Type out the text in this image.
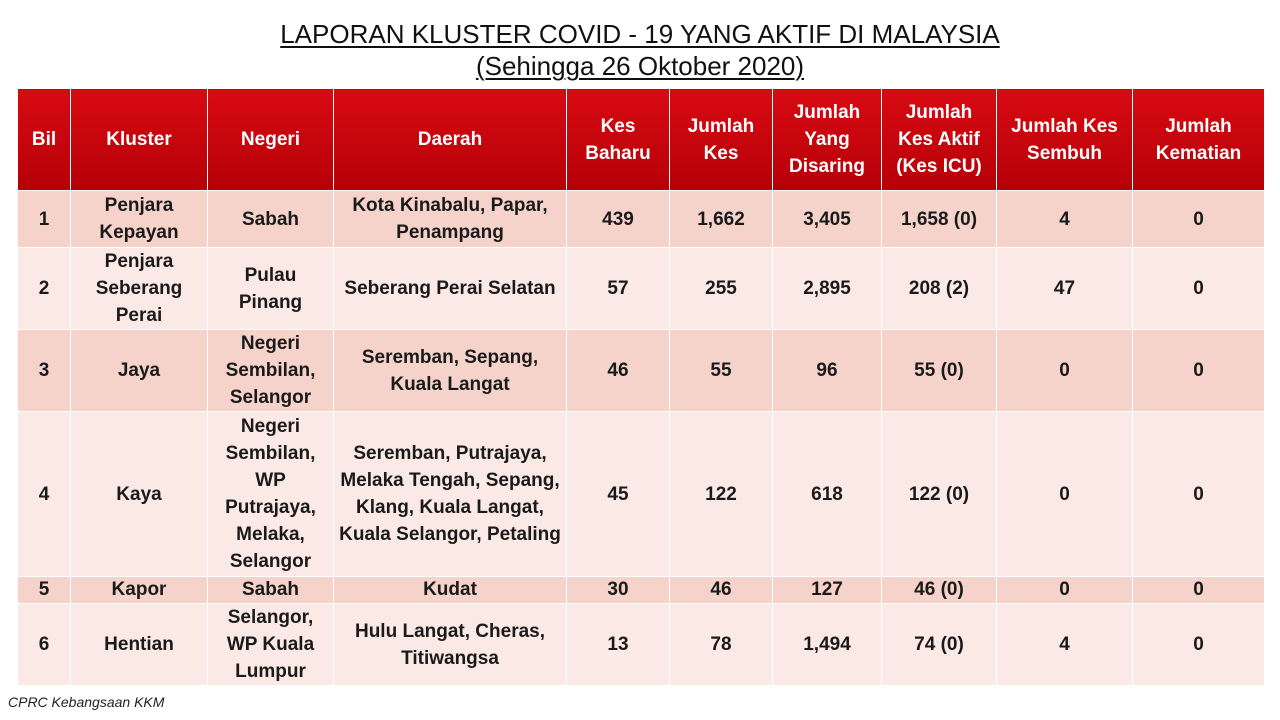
LAPORAN KLUSTER COVID - 19 YANG AKTIF DI MALAYSIA
(Sehingga 26 Oktober 2020)
Bil	Kluster	Negeri	Daerah	Kes Baharu	Jumlah Kes	Jumlah Yang Disaring	Jumlah Kes Aktif (Kes ICU)	Jumlah Kes Sembuh	Jumlah Kematian
1	Penjara Kepayan	Sabah	Kota Kinabalu, Papar, Penampang	439	1,662	3,405	1,658 (0)	4	0
2	Penjara Seberang Perai	Pulau Pinang	Seberang Perai Selatan	57	255	2,895	208 (2)	47	0
3	Jaya	Negeri Sembilan, Selangor	Seremban, Sepang, Kuala Langat	46	55	96	55 (0)	0	0
4	Kaya	Negeri Sembilan, WP Putrajaya, Melaka, Selangor	Seremban, Putrajaya, Melaka Tengah, Sepang, Klang, Kuala Langat, Kuala Selangor, Petaling	45	122	618	122 (0)	0	0
5	Kapor	Sabah	Kudat	30	46	127	46 (0)	0	0
6	Hentian	Selangor, WP Kuala Lumpur	Hulu Langat, Cheras, Titiwangsa	13	78	1,494	74 (0)	4	0
CPRC Kebangsaan KKM
